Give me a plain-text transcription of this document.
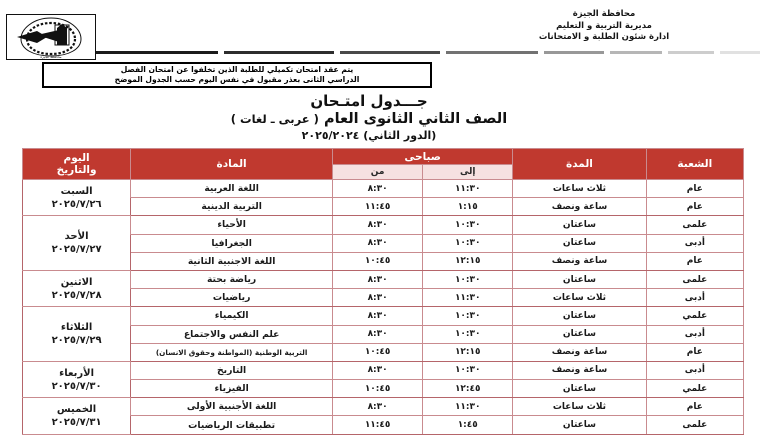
محافظة الجيزة
محافظة الجيزة
مديرية التربية و التعليم
ادارة شئون الطلبة و الامتحانات
يتم عقد امتحان تكميلي للطلبة الذين تخلفوا عن امتحان الفصل
الدراسي الثانى بعذر مقبول في نفس اليوم حسب الجدول الموضح
جـــدول امتـحان
الصف الثاني الثانوى العام ( عربى ـ لغات )
(الدور الثاني) ٢٠٢٥/٢٠٢٤
الشعبة	المدة	صباحى		المادة	اليوم
والتاريخ

		إلى	من		
عام	ثلاث ساعات	١١:٣٠	٨:٣٠	اللغة العربية	السبت
٢٠٢٥/٧/٢٦

عام	ساعة ونصف	١:١٥	١١:٤٥	التربية الدينية	
علمى	ساعتان	١٠:٣٠	٨:٣٠	الأحياء	الأحد
٢٠٢٥/٧/٢٧

أدبى	ساعتان	١٠:٣٠	٨:٣٠	الجغرافيا	
عام	ساعة ونصف	١٢:١٥	١٠:٤٥	اللغة الاجنبية الثانية	
علمى	ساعتان	١٠:٣٠	٨:٣٠	رياضة بحتة	الاثنين
٢٠٢٥/٧/٢٨

أدبى	ثلاث ساعات	١١:٣٠	٨:٣٠	رياضيات	
علمي	ساعتان	١٠:٣٠	٨:٣٠	الكيمياء	الثلاثاء
٢٠٢٥/٧/٢٩

أدبى	ساعتان	١٠:٣٠	٨:٣٠	علم النفس والاجتماع	
عام	ساعة ونصف	١٢:١٥	١٠:٤٥	التربية الوطنية (المواطنة وحقوق الانسان)	
أدبى	ساعة ونصف	١٠:٣٠	٨:٣٠	التاريخ	الأربعاء
٢٠٢٥/٧/٣٠

علمي	ساعتان	١٢:٤٥	١٠:٤٥	الفيزياء	
عام	ثلاث ساعات	١١:٣٠	٨:٣٠	اللغة الأجنبية الأولى	الخميس
٢٠٢٥/٧/٣١

علمى	ساعتان	١:٤٥	١١:٤٥	تطبيقات الرياضيات	
